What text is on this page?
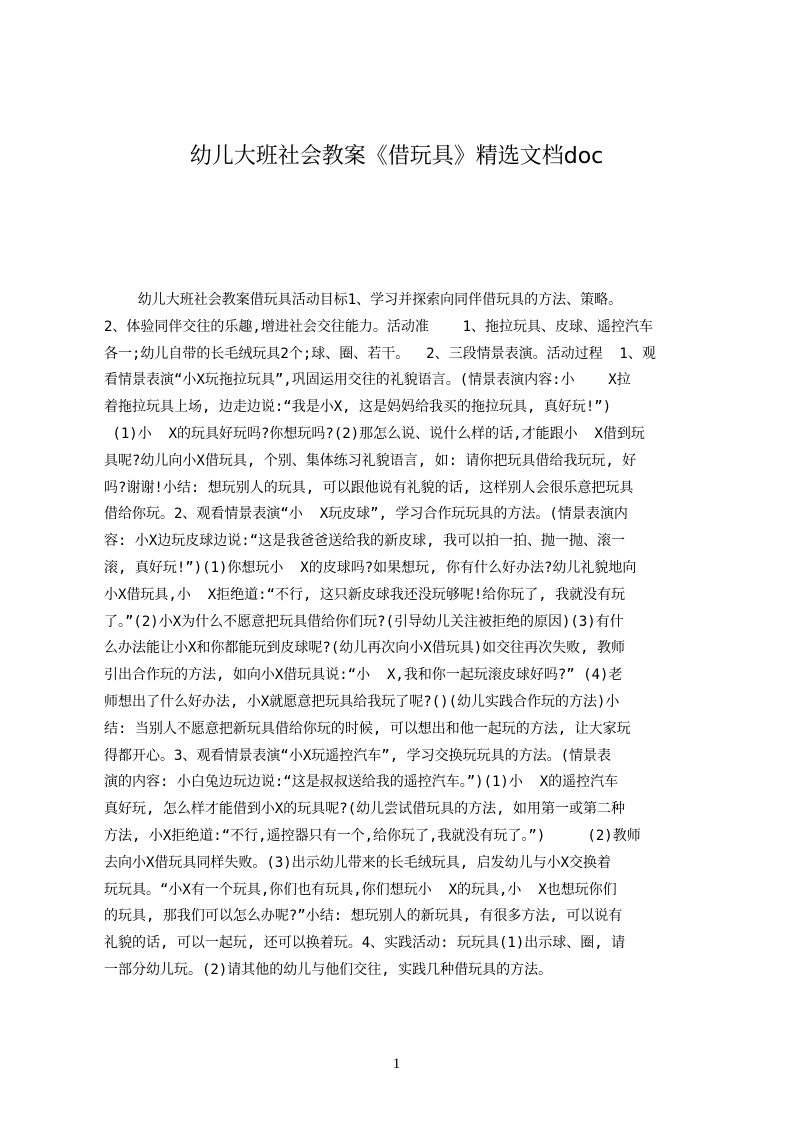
幼儿大班社会教案《借玩具》精选文档doc
幼儿大班社会教案借玩具活动目标1、学习并探索向同伴借玩具的方法、策略。
2、体验同伴交往的乐趣,增进社会交往能力。活动准    1、拖拉玩具、皮球、遥控汽车
各一;幼儿自带的长毛绒玩具2个;球、圈、若干。  2、三段情景表演。活动过程  1、观
看情景表演“小X玩拖拉玩具”,巩固运用交往的礼貌语言。(情景表演内容:小    X拉
着拖拉玩具上场, 边走边说:“我是小X, 这是妈妈给我买的拖拉玩具, 真好玩!”)
(1)小  X的玩具好玩吗?你想玩吗?(2)那怎么说、说什么样的话,才能跟小  X借到玩
具呢?幼儿向小X借玩具, 个别、集体练习礼貌语言, 如: 请你把玩具借给我玩玩, 好
吗?谢谢!小结: 想玩别人的玩具, 可以跟他说有礼貌的话, 这样别人会很乐意把玩具
借给你玩。2、观看情景表演“小  X玩皮球”, 学习合作玩玩具的方法。(情景表演内
容: 小X边玩皮球边说:“这是我爸爸送给我的新皮球, 我可以拍一拍、抛一抛、滚一
滚, 真好玩!”)(1)你想玩小  X的皮球吗?如果想玩, 你有什么好办法?幼儿礼貌地向
小X借玩具,小  X拒绝道:“不行, 这只新皮球我还没玩够呢!给你玩了, 我就没有玩
了。”(2)小X为什么不愿意把玩具借给你们玩?(引导幼儿关注被拒绝的原因)(3)有什
么办法能让小X和你都能玩到皮球呢?(幼儿再次向小X借玩具)如交往再次失败, 教师
引出合作玩的方法, 如向小X借玩具说:“小  X,我和你一起玩滚皮球好吗?” (4)老
师想出了什么好办法, 小X就愿意把玩具给我玩了呢?()(幼儿实践合作玩的方法)小
结: 当别人不愿意把新玩具借给你玩的时候, 可以想出和他一起玩的方法, 让大家玩
得都开心。3、观看情景表演“小X玩遥控汽车”, 学习交换玩玩具的方法。(情景表
演的内容: 小白兔边玩边说:“这是叔叔送给我的遥控汽车。”)(1)小  X的遥控汽车
真好玩, 怎么样才能借到小X的玩具呢?(幼儿尝试借玩具的方法, 如用第一或第二种
方法, 小X拒绝道:“不行,遥控器只有一个,给你玩了,我就没有玩了。”)     (2)教师
去向小X借玩具同样失败。(3)出示幼儿带来的长毛绒玩具, 启发幼儿与小X交换着
玩玩具。“小X有一个玩具,你们也有玩具,你们想玩小  X的玩具,小  X也想玩你们
的玩具, 那我们可以怎么办呢?”小结: 想玩别人的新玩具, 有很多方法, 可以说有
礼貌的话, 可以一起玩, 还可以换着玩。4、实践活动: 玩玩具(1)出示球、圈, 请
一部分幼儿玩。(2)请其他的幼儿与他们交往, 实践几种借玩具的方法。
1
